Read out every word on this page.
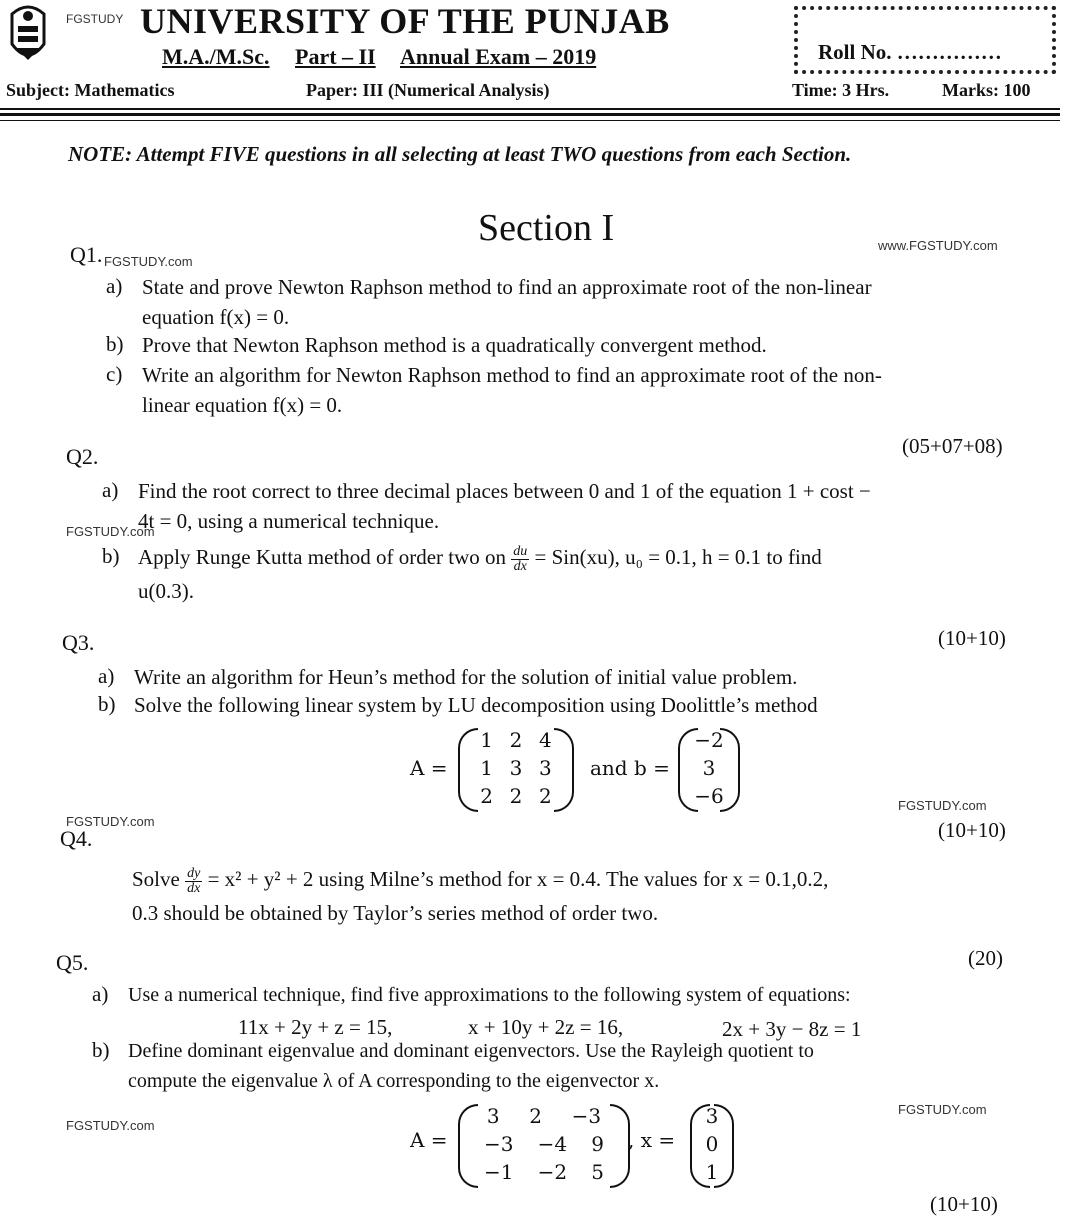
FGSTUDY UNIVERSITY OF THE PUNJAB
M.A./M.Sc. Part – II Annual Exam – 2019	Roll No. ……………
Subject: Mathematics	Paper: III (Numerical Analysis)	Time: 3 Hrs.	Marks: 100
NOTE: Attempt FIVE questions in all selecting at least TWO questions from each Section.
Section I	www.FGSTUDY.com
Q1. FGSTUDY.com
a) State and prove Newton Raphson method to find an approximate root of the non-linear
equation f(x) = 0.
b) Prove that Newton Raphson method is a quadratically convergent method.
c) Write an algorithm for Newton Raphson method to find an approximate root of the non-
linear equation f(x) = 0.
Q2.	(05+07+08)
a) Find the root correct to three decimal places between 0 and 1 of the equation 1 + cost −
4t = 0, using a numerical technique.
FGSTUDY.com
b) Apply Runge Kutta method of order two on $\frac{du}{dx} = Sin(xu)$, u₀ = 0.1, h = 0.1 to find
u(0.3).
Q3.	(10+10)
a) Write an algorithm for Heun’s method for the solution of initial value problem.
b) Solve the following linear system by LU decomposition using Doolittle’s method
A =
1 2 4
1 3 3
2 2 2
and b =
−2
3
−6	FGSTUDY.com
FGSTUDY.com
Q4.	(10+10)
Solve $\frac{dy}{dx} = x^2 + y^2 + 2$ using Milne’s method for x = 0.4. The values for x = 0.1,0.2,
0.3 should be obtained by Taylor’s series method of order two.
Q5.	(20)
a) Use a numerical technique, find five approximations to the following system of equations:
11x + 2y + z = 15,	x + 10y + 2z = 16,	2x + 3y − 8z = 1
b) Define dominant eigenvalue and dominant eigenvectors. Use the Rayleigh quotient to
compute the eigenvalue λ of A corresponding to the eigenvector x.
FGSTUDY.com
FGSTUDY.com
A =
3 2 −3
−3 −4 9
−1 −2 5
, x =
3
0
1
(10+10)
